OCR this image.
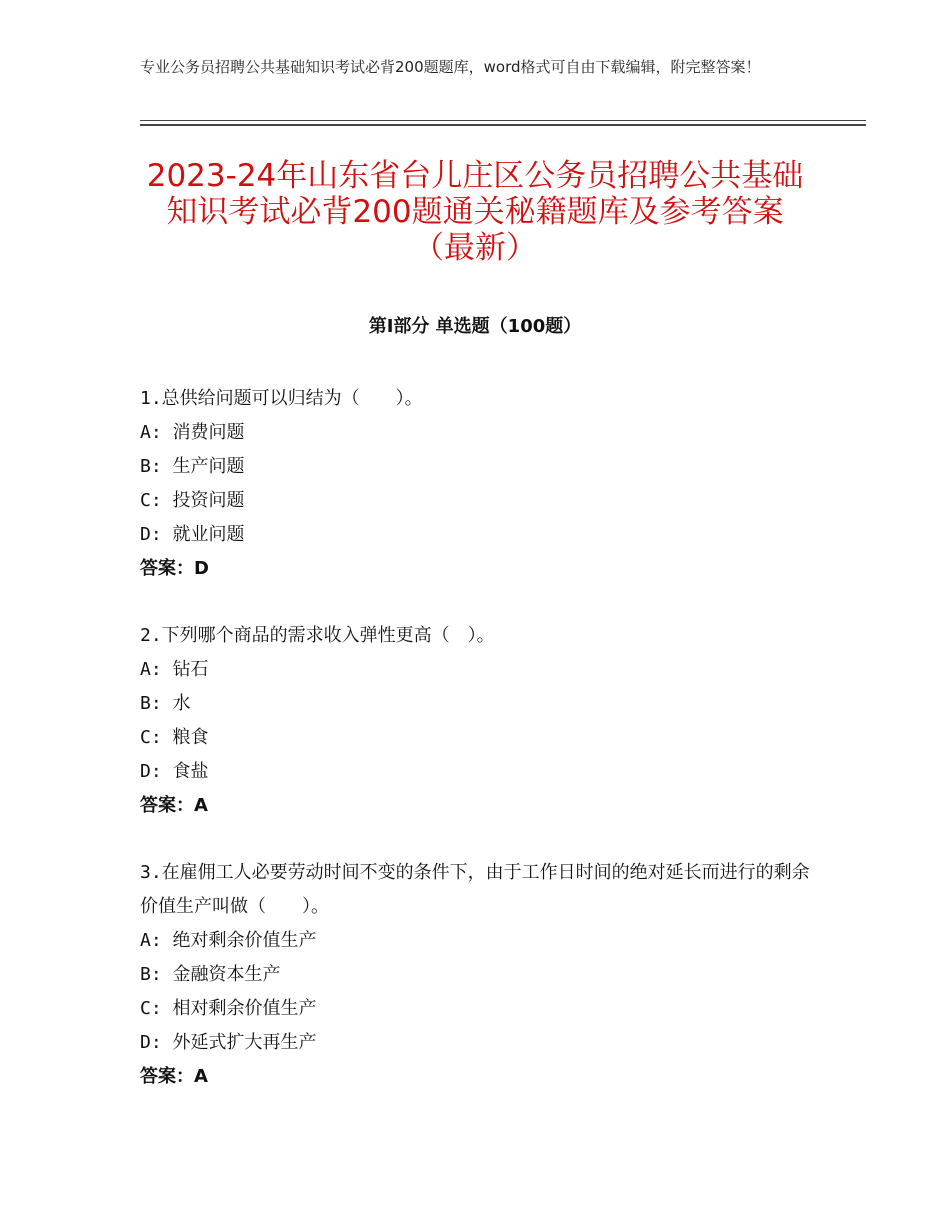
专业公务员招聘公共基础知识考试必背200题题库，word格式可自由下载编辑，附完整答案！
2023-24年山东省台儿庄区公务员招聘公共基础知识考试必背200题通关秘籍题库及参考答案（最新）
第Ⅰ部分 单选题（100题）

1.总供给问题可以归结为（　　）。

A: 消费问题

B: 生产问题

C: 投资问题

D: 就业问题

答案：D

2.下列哪个商品的需求收入弹性更高（　）。

A: 钻石

B: 水

C: 粮食

D: 食盐

答案：A

3.在雇佣工人必要劳动时间不变的条件下，由于工作日时间的绝对延长而进行的剩余价值生产叫做（　　）。

A: 绝对剩余价值生产

B: 金融资本生产

C: 相对剩余价值生产

D: 外延式扩大再生产

答案：A
